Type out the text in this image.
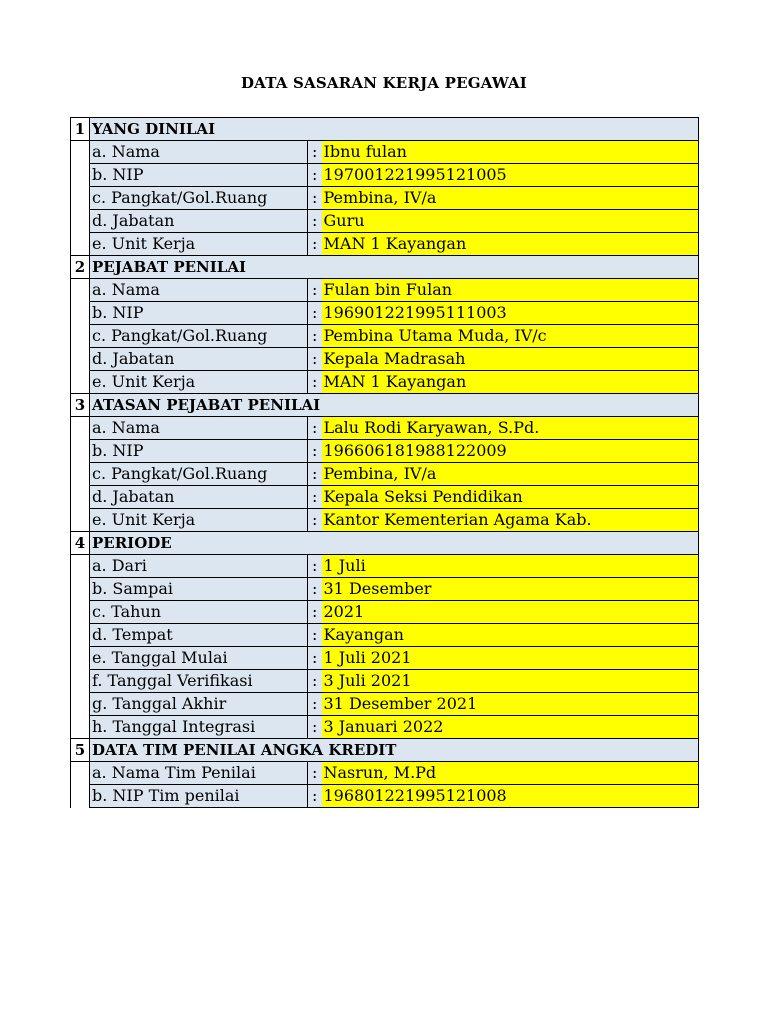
DATA SASARAN KERJA PEGAWAI
1	YANG DINILAI		
	a. Nama	:	Ibnu fulan
	b. NIP	:	197001221995121005
	c. Pangkat/Gol.Ruang	:	Pembina, IV/a
	d. Jabatan	:	Guru
	e. Unit Kerja	:	MAN 1 Kayangan
2	PEJABAT PENILAI		
	a. Nama	:	Fulan bin Fulan
	b. NIP	:	196901221995111003
	c. Pangkat/Gol.Ruang	:	Pembina Utama Muda, IV/c
	d. Jabatan	:	Kepala Madrasah
	e. Unit Kerja	:	MAN 1 Kayangan
3	ATASAN PEJABAT PENILAI		
	a. Nama	:	Lalu Rodi Karyawan, S.Pd.
	b. NIP	:	196606181988122009
	c. Pangkat/Gol.Ruang	:	Pembina, IV/a
	d. Jabatan	:	Kepala Seksi Pendidikan
	e. Unit Kerja	:	Kantor Kementerian Agama Kab.
4	PERIODE		
	a. Dari	:	1 Juli
	b. Sampai	:	31 Desember
	c. Tahun	:	2021
	d. Tempat	:	Kayangan
	e. Tanggal Mulai	:	1 Juli 2021
	f. Tanggal Verifikasi	:	3 Juli 2021
	g. Tanggal Akhir	:	31 Desember 2021
	h. Tanggal Integrasi	:	3 Januari 2022
5	DATA TIM PENILAI ANGKA KREDIT		
	a. Nama Tim Penilai	:	Nasrun, M.Pd
	b. NIP Tim penilai	:	196801221995121008
